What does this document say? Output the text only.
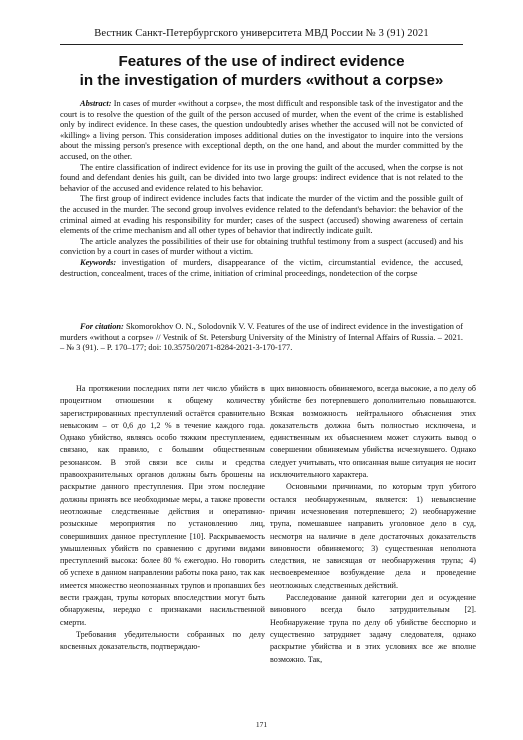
Вестник Санкт-Петербургского университета МВД России № 3 (91) 2021
Features of the use of indirect evidence
in the investigation of murders «without a corpse»

Abstract: In cases of murder «without a corpse», the most difficult and responsible task of the investigator and the court is to resolve the question of the guilt of the person accused of murder, when the event of the crime is established only by indirect evidence. In these cases, the question undoubtedly arises whether the accused will not be convicted of «killing» a living person. This consideration imposes additional duties on the investigator to inquire into the versions about the missing person's presence with exceptional depth, on the one hand, and about the murder committed by the accused, on the other.

The entire classification of indirect evidence for its use in proving the guilt of the accused, when the corpse is not found and defendant denies his guilt, can be divided into two large groups: indirect evidence that is not related to the behavior of the accused and evidence related to his behavior.

The first group of indirect evidence includes facts that indicate the murder of the victim and the possible guilt of the accused in the murder. The second group involves evidence related to the defendant's behavior: the behavior of the criminal aimed at evading his responsibility for murder; cases of the suspect (accused) showing awareness of certain elements of the crime mechanism and all other types of behavior that indirectly indicate guilt.

The article analyzes the possibilities of their use for obtaining truthful testimony from a suspect (accused) and his conviction by a court in cases of murder without a victim.

Keywords: investigation of murders, disappearance of the victim, circumstantial evidence, the accused, destruction, concealment, traces of the crime, initiation of criminal proceedings, nondetection of the corpse

For citation: Skomorokhov O. N., Solodovnik V. V. Features of the use of indirect evidence in the investigation of murders «without a corpse» // Vestnik of St. Petersburg University of the Ministry of Internal Affairs of Russia. – 2021. – № 3 (91). – P. 170–177; doi: 10.35750/2071-8284-2021-3-170-177.

На протяжении последних пяти лет число убийств в процентном отношении к общему количеству зарегистрированных преступлений остаётся сравнительно невысоким – от 0,6 до 1,2 % в течение каждого года. Однако убийство, являясь особо тяжким преступлением, связано, как правило, с большим общественным резонансом. В этой связи все силы и средства правоохранительных органов должны быть брошены на раскрытие данного преступления. При этом последние должны принять все необходимые меры, а также провести неотложные следственные действия и оперативно-розыскные мероприятия по установлению лиц, совершивших данное преступление [10]. Раскрываемость умышленных убийств по сравнению с другими видами преступлений высока: более 80 % ежегодно. Но говорить об успехе в данном направлении работы пока рано, так как имеется множество неопознанных трупов и пропавших без вести граждан, трупы которых впоследствии могут быть обнаружены, нередко с признаками насильственной смерти.

Требования убедительности собранных по делу косвенных доказательств, подтверждаю-

щих виновность обвиняемого, всегда высокие, а по делу об убийстве без потерпевшего дополнительно повышаются. Всякая возможность нейтрального объяснения этих доказательств должна быть полностью исключена, и единственным их объяснением может служить вывод о совершении обвиняемым убийства исчезнувшего. Однако следует учитывать, что описанная выше ситуация не носит исключительного характера.

Основными причинами, по которым труп убитого остался необнаруженным, является: 1) невыяснение причин исчезновения потерпевшего; 2) необнаружение трупа, помешавшее направить уголовное дело в суд, несмотря на наличие в деле достаточных доказательств виновности обвиняемого; 3) существенная неполнота следствия, не зависящая от необнаружения трупа; 4) несвоевременное возбуждение дела и проведение неотложных следственных действий.

Расследование данной категории дел и осуждение виновного всегда было затруднительным [2]. Необнаружение трупа по делу об убийстве бесспорно и существенно затрудняет задачу следователя, однако раскрытие убийства и в этих условиях все же вполне возможно. Так,

171
